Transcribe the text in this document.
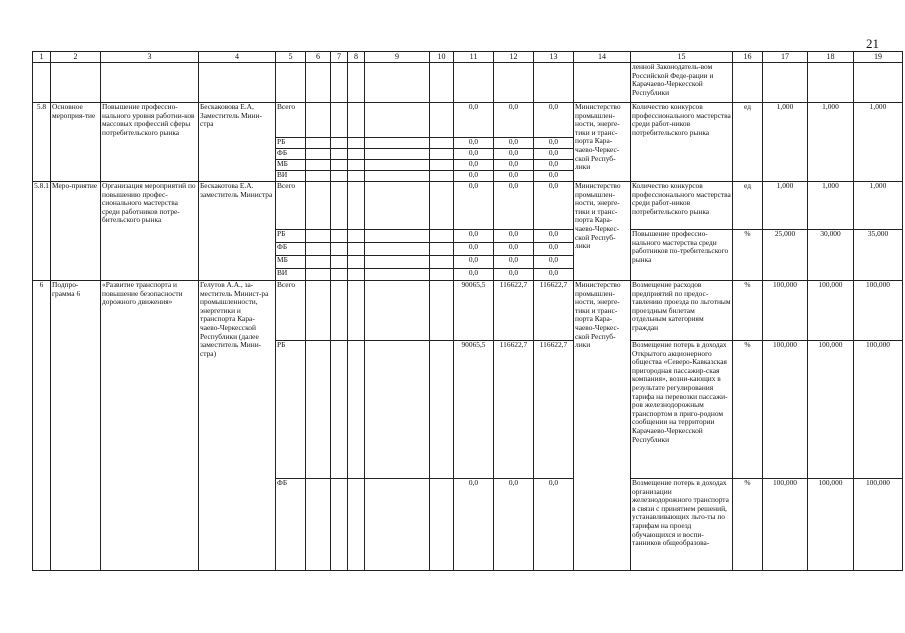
21
1	2	3	4	5	6	7	8	9	10	11	12	13	14	15	16	17	18	19
														ленной Законодатель-вом Российской Феде-рации и Карачаево-Черкесской Республики				
5.8	Основное мероприя-тие	Повышение профессио-нального уровня работни-ков массовых профессий сферы потребительского рынка	Бескаковова Е.А, Заместитель Мини-стра	Всего						0,0	0,0	0,0	Министерство промышлен-ности, энерге-тики и транс-порта Кара-чаево-Черкес-ской Респуб-лики	Количество конкурсов профессионального мастерства среди работ-ников потребительского рынка	ед	1,000	1,000	1,000
				РБ						0,0	0,0	0,0						
				ФБ						0,0	0,0	0,0						
				МБ						0,0	0,0	0,0						
				ВИ						0,0	0,0	0,0						
5.8.1	Меро-приятие	Организация мероприятий по повышению профес-сионального мастерства среди работников потре-бительского рынка	Бескакотова Е.А. заместитель Министра	Всего						0,0	0,0	0,0	Министерство промышлен-ности, энерге-тики и транс-порта Кара-чаево-Черкес-ской Респуб-лики	Количество конкурсов профессионального мастерства среди работ-ников потребительского рынка	ед	1,000	1,000	1,000
				РБ						0,0	0,0	0,0		Повышение профессио-нального мастерства среди работников по-требительского рынка	%	25,000	30,000	35,000
				ФБ						0,0	0,0	0,0						
				МБ						0,0	0,0	0,0						
				ВИ						0,0	0,0	0,0						
6	Подпро-грамма 6	«Развитие транспорта и повышение безопасности дорожного движения»	Гелутов А.А., за-меститель Минист-ра промышленности, энергетики и транспорта Кара-чаево-Черкесской Республики (далее заместитель Мини-стра)	Всего						90065,5	116622,7	116622,7	Министерство промышлен-ности, энерге-тики и транс-порта Кара-чаево-Черкес-ской Респуб-лики	Возмещение расходов предприятий по предос-тавлению проезда по льготным проездным билетам отдельным категориям граждан	%	100,000	100,000	100,000
				РБ						90065,5	116622,7	116622,7		Возмещение потерь в доходах Открытого акционерного общества «Северо-Кавказская пригородная пассажир-ская компания», возни-кающих в результате регулирования тарифа на перевозки пассажи-ров железнодорожным транспортом в приго-родном сообщении на территории Карачаево-Черкесской Республики	%	100,000	100,000	100,000
				ФБ						0,0	0,0	0,0		Возмещение потерь в доходах организации железнодорожного транспорта в связи с принятием решений, устанавливающих льго-ты по тарифам на проезд обучающихся и воспи-танников общеобразова-	%	100,000	100,000	100,000
